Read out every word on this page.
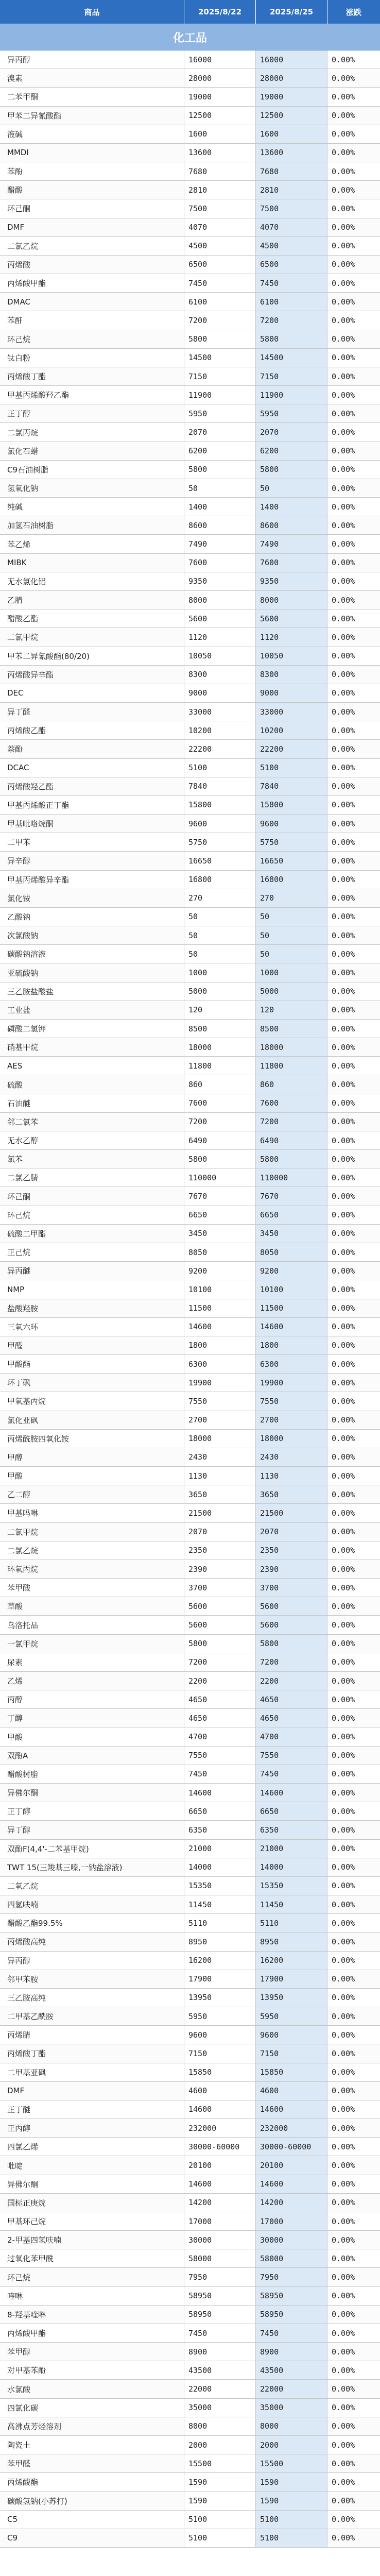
商品	2025/8/22	2025/8/25	涨跌
化工品
异丙醇	16000	16000	0.00%
溴素	28000	28000	0.00%
二苯甲酮	19000	19000	0.00%
甲苯二异氰酸酯	12500	12500	0.00%
液碱	1600	1600	0.00%
MMDI	13600	13600	0.00%
苯酚	7680	7680	0.00%
醋酸	2810	2810	0.00%
环己酮	7500	7500	0.00%
DMF	4070	4070	0.00%
二氯乙烷	4500	4500	0.00%
丙烯酸	6500	6500	0.00%
丙烯酸甲酯	7450	7450	0.00%
DMAC	6100	6100	0.00%
苯酐	7200	7200	0.00%
环己烷	5800	5800	0.00%
钛白粉	14500	14500	0.00%
丙烯酸丁酯	7150	7150	0.00%
甲基丙烯酸羟乙酯	11900	11900	0.00%
正丁醇	5950	5950	0.00%
二氯丙烷	2070	2070	0.00%
氯化石蜡	6200	6200	0.00%
C9石油树脂	5800	5800	0.00%
氢氧化钠	50	50	0.00%
纯碱	1400	1400	0.00%
加氢石油树脂	8600	8600	0.00%
苯乙烯	7490	7490	0.00%
MIBK	7600	7600	0.00%
无水氯化铝	9350	9350	0.00%
乙腈	8000	8000	0.00%
醋酸乙酯	5600	5600	0.00%
二氯甲烷	1120	1120	0.00%
甲苯二异氰酸酯(80/20)	10050	10050	0.00%
丙烯酸异辛酯	8300	8300	0.00%
DEC	9000	9000	0.00%
异丁醛	33000	33000	0.00%
丙烯酸乙酯	10200	10200	0.00%
萘酚	22200	22200	0.00%
DCAC	5100	5100	0.00%
丙烯酸羟乙酯	7840	7840	0.00%
甲基丙烯酸正丁酯	15800	15800	0.00%
甲基吡咯烷酮	9600	9600	0.00%
二甲苯	5750	5750	0.00%
异辛醇	16650	16650	0.00%
甲基丙烯酸异辛酯	16800	16800	0.00%
氯化铵	270	270	0.00%
乙酸钠	50	50	0.00%
次氯酸钠	50	50	0.00%
碳酸钠溶液	50	50	0.00%
亚硫酸钠	1000	1000	0.00%
三乙胺盐酸盐	5000	5000	0.00%
工业盐	120	120	0.00%
磷酸二氢钾	8500	8500	0.00%
硝基甲烷	18000	18000	0.00%
AES	11800	11800	0.00%
硫酸	860	860	0.00%
石油醚	7600	7600	0.00%
邻二氯苯	7200	7200	0.00%
无水乙醇	6490	6490	0.00%
氯苯	5800	5800	0.00%
二氯乙腈	110000	110000	0.00%
环己酮	7670	7670	0.00%
环己烷	6650	6650	0.00%
硫酸二甲酯	3450	3450	0.00%
正己烷	8050	8050	0.00%
异丙醚	9200	9200	0.00%
NMP	10100	10100	0.00%
盐酸羟胺	11500	11500	0.00%
三氧六环	14600	14600	0.00%
甲醛	1800	1800	0.00%
甲酸酯	6300	6300	0.00%
环丁砜	19900	19900	0.00%
甲氧基丙烷	7550	7550	0.00%
氯化亚砜	2700	2700	0.00%
丙烯酰胺四氧化铵	18000	18000	0.00%
甲醇	2430	2430	0.00%
甲酸	1130	1130	0.00%
乙二醇	3650	3650	0.00%
甲基吗啉	21500	21500	0.00%
二氯甲烷	2070	2070	0.00%
二氯乙烷	2350	2350	0.00%
环氧丙烷	2390	2390	0.00%
苯甲酸	3700	3700	0.00%
草酸	5600	5600	0.00%
乌洛托品	5600	5600	0.00%
一氯甲烷	5800	5800	0.00%
尿素	7200	7200	0.00%
乙烯	2200	2200	0.00%
丙醇	4650	4650	0.00%
丁醇	4650	4650	0.00%
甲酸	4700	4700	0.00%
双酚A	7550	7550	0.00%
醋酸树脂	7450	7450	0.00%
异佛尔酮	14600	14600	0.00%
正丁醇	6650	6650	0.00%
异丁醇	6350	6350	0.00%
双酚F(4,4'-二苯基甲烷)	21000	21000	0.00%
TWT 15(三羧基三嗪,一钠盐溶液)	14000	14000	0.00%
二氧乙烷	15350	15350	0.00%
四氢呋喃	11450	11450	0.00%
醋酸乙酯99.5%	5110	5110	0.00%
丙烯酸高纯	8950	8950	0.00%
异丙醇	16200	16200	0.00%
邻甲苯胺	17900	17900	0.00%
三乙胺高纯	13950	13950	0.00%
二甲基乙酰胺	5950	5950	0.00%
丙烯腈	9600	9600	0.00%
丙烯酸丁酯	7150	7150	0.00%
二甲基亚砜	15850	15850	0.00%
DMF	4600	4600	0.00%
正丁醚	14600	14600	0.00%
正丙醇	232000	232000	0.00%
四氯乙烯	30000-60000	30000-60000	0.00%
吡啶	20100	20100	0.00%
异佛尔酮	14600	14600	0.00%
国标正庚烷	14200	14200	0.00%
甲基环己烷	17000	17000	0.00%
2-甲基四氢呋喃	30000	30000	0.00%
过氧化苯甲酰	58000	58000	0.00%
环己烷	7950	7950	0.00%
喹啉	58950	58950	0.00%
8-羟基喹啉	58950	58950	0.00%
丙烯酸甲酯	7450	7450	0.00%
苯甲醇	8900	8900	0.00%
对甲基苯酚	43500	43500	0.00%
水氯酸	22000	22000	0.00%
四氯化碳	35000	35000	0.00%
高沸点芳烃溶剂	8000	8000	0.00%
陶瓷土	2000	2000	0.00%
苯甲醛	15500	15500	0.00%
丙烯酸酯	1590	1590	0.00%
碳酸氢钠(小苏打)	1590	1590	0.00%
C5	5100	5100	0.00%
C9	5100	5100	0.00%
